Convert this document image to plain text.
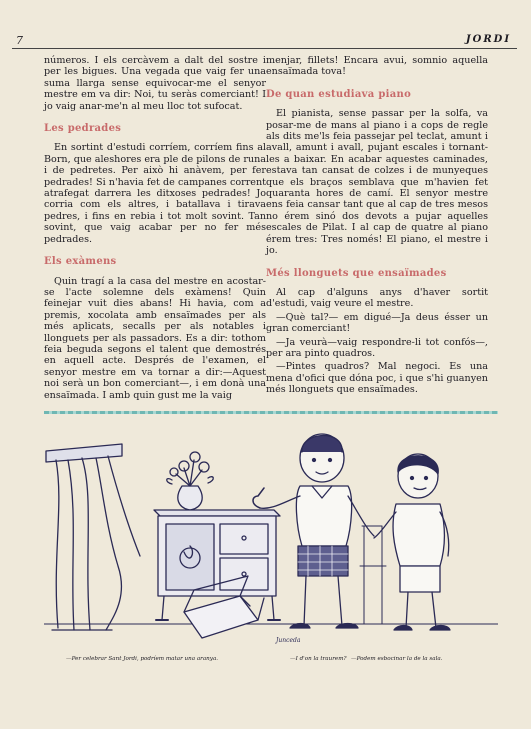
7	JORDI

números. I els cercàvem a dalt del sostre i per les bigues. Una vegada que vaig fer una suma llarga sense equivocar-me el senyor mestre em va dir: Noi, tu seràs comerciant! I jo vaig anar-me'n al meu lloc tot sufocat.

Les pedrades

En sortint d'estudi corríem, corríem fins al Born, que aleshores era ple de pilons de runa i de pedretes. Per això hi anàvem, per fer pedrades! Si n'havia fet de campanes corrent atrafegat darrera les ditxoses pedrades! Jo corria com els altres, i batallava i tirava pedres, i fins en rebia i tot molt sovint. Tan sovint, que vaig acabar per no fer més pedrades.

Els exàmens

Quin tragí a la casa del mestre en acostar-se l'acte solemne dels exàmens! Quin feinejar vuit dies abans! Hi havia, com a premis, xocolata amb ensaïmades per als més aplicats, secalls per als notables i llonguets per als passadors. Es a dir: tothom feia beguda segons el talent que demostrés en aquell acte. Després de l'examen, el senyor mestre em va tornar a dir:—Aquest noi serà un bon comerciant—, i em donà una ensaïmada. I amb quin gust me la vaig

menjar, fillets! Encara avui, somnio aquella ensaïmada tova!

De quan estudiava piano

El pianista, sense passar per la solfa, va posar-me de mans al piano i a cops de regle als dits me'ls feia passejar pel teclat, amunt i avall, amunt i avall, pujant escales i tornant-les a baixar. En acabar aquestes caminades, estava tan cansat de colzes i de munyeques que els braços semblava que m'havien fet quaranta hores de camí. El senyor mestre ens feia cansar tant que al cap de tres mesos no érem sinó dos devots a pujar aquelles escales de Pilat. I al cap de quatre al piano érem tres: Tres només! El piano, el mestre i jo.

Més llonguets que ensaïmades

Al cap d'alguns anys d'haver sortit d'estudi, vaig veure el mestre.

—Què tal?— em digué—Ja deus ésser un gran comerciant!

—Ja veurà—vaig respondre-li tot confós—, per ara pinto quadros.

—Pintes quadros? Mal negoci. Es una mena d'ofici que dóna poc, i que s'hi guanyen més llonguets que ensaïmades.

Junceda
—Per celebrar Sant Jordi, podríem matar una aranya.	—I d'on la traurem? —Podem esbocinar la de la sala.
